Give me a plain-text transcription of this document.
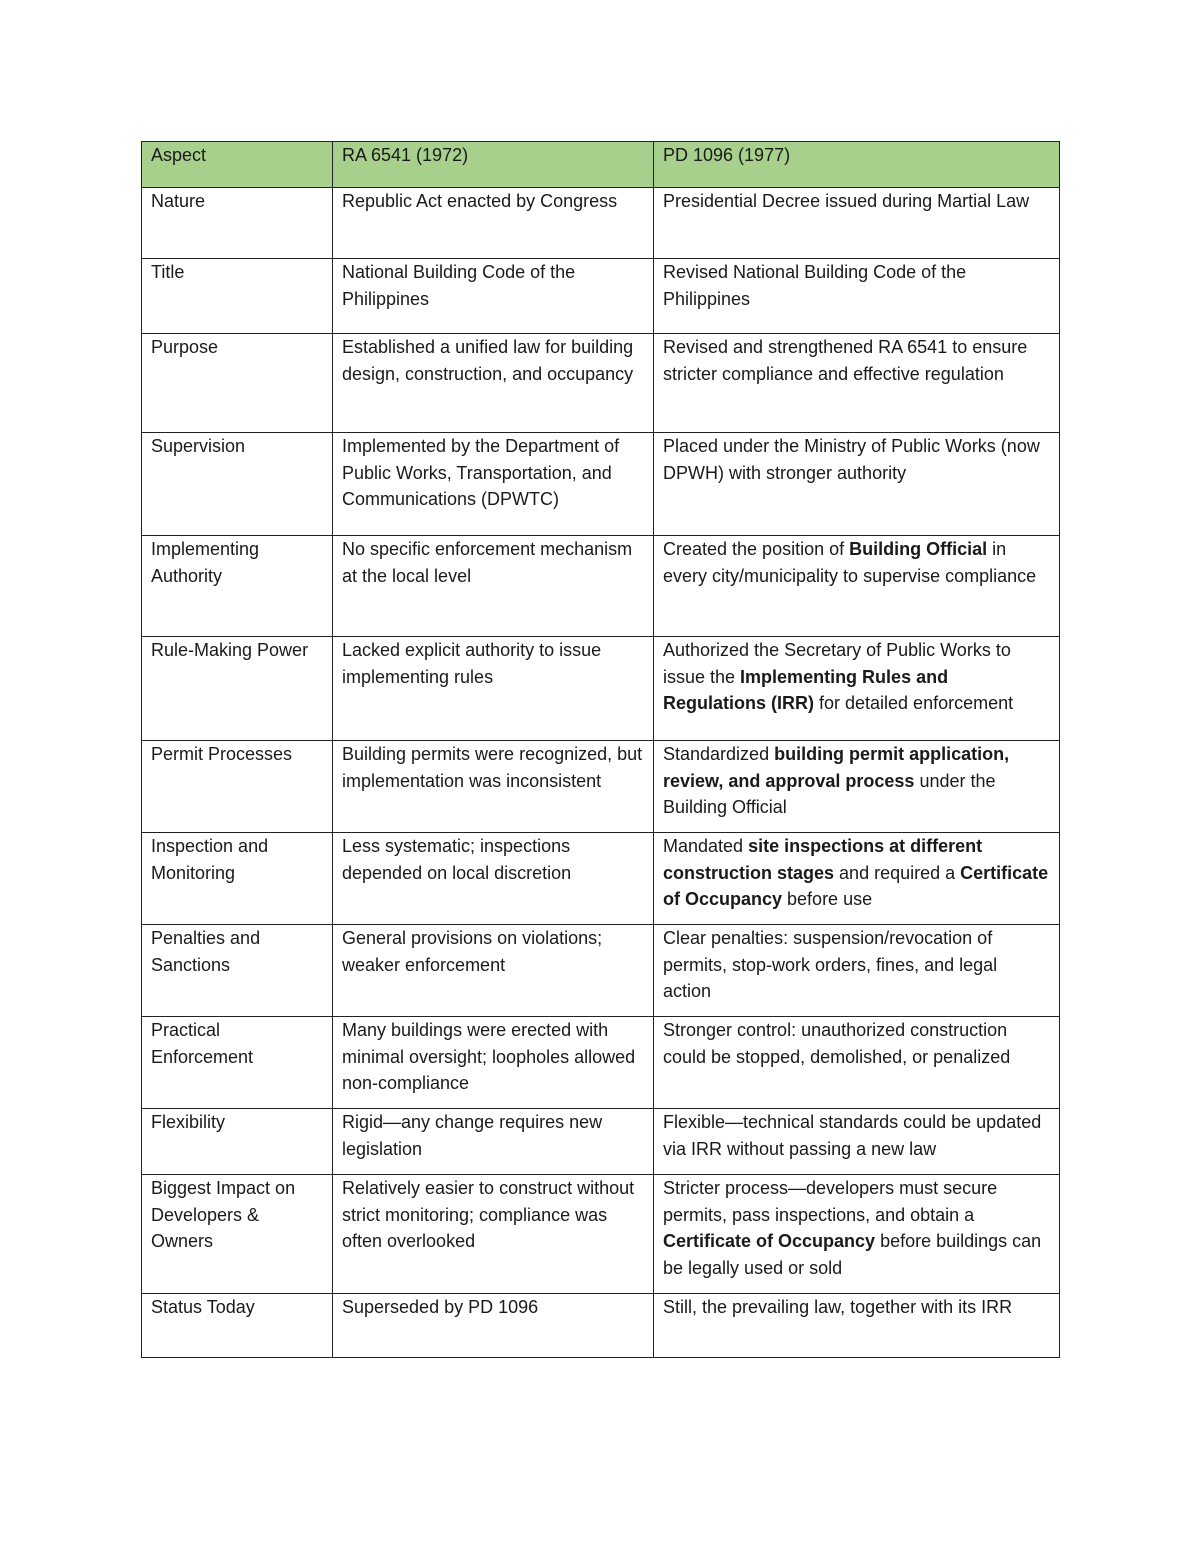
Aspect	RA 6541 (1972)	PD 1096 (1977)
Nature	Republic Act enacted by Congress	Presidential Decree issued during Martial Law
Title	National Building Code of the Philippines	Revised National Building Code of the Philippines
Purpose	Established a unified law for building design, construction, and occupancy	Revised and strengthened RA 6541 to ensure stricter compliance and effective regulation
Supervision	Implemented by the Department of Public Works, Transportation, and Communications (DPWTC)	Placed under the Ministry of Public Works (now DPWH) with stronger authority
Implementing Authority	No specific enforcement mechanism at the local level	Created the position of Building Official in every city/municipality to supervise compliance
Rule-Making Power	Lacked explicit authority to issue implementing rules	Authorized the Secretary of Public Works to issue the Implementing Rules and Regulations (IRR) for detailed enforcement
Permit Processes	Building permits were recognized, but implementation was inconsistent	Standardized building permit application, review, and approval process under the Building Official
Inspection and Monitoring	Less systematic; inspections depended on local discretion	Mandated site inspections at different construction stages and required a Certificate of Occupancy before use
Penalties and Sanctions	General provisions on violations; weaker enforcement	Clear penalties: suspension/revocation of permits, stop-work orders, fines, and legal action
Practical Enforcement	Many buildings were erected with minimal oversight; loopholes allowed non-compliance	Stronger control: unauthorized construction could be stopped, demolished, or penalized
Flexibility	Rigid—any change requires new legislation	Flexible—technical standards could be updated via IRR without passing a new law
Biggest Impact on Developers & Owners	Relatively easier to construct without strict monitoring; compliance was often overlooked	Stricter process—developers must secure permits, pass inspections, and obtain a Certificate of Occupancy before buildings can be legally used or sold
Status Today	Superseded by PD 1096	Still, the prevailing law, together with its IRR
